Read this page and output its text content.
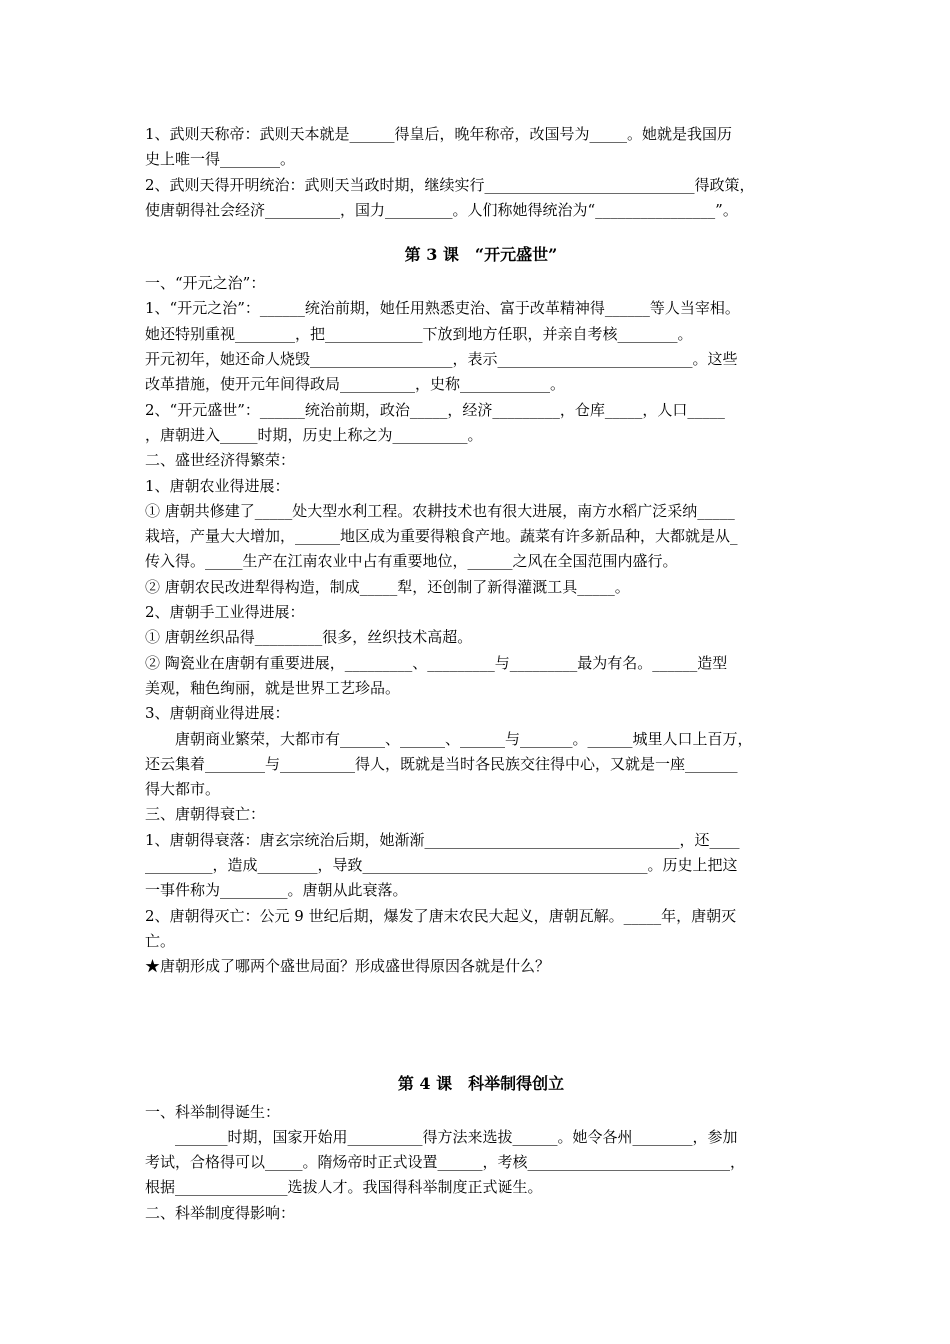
1、武则天称帝：武则天本就是______得皇后，晚年称帝，改国号为_____。她就是我国历
史上唯一得________。
2、武则天得开明统治：武则天当政时期，继续实行____________________________得政策，
使唐朝得社会经济__________，国力_________。人们称她得统治为“________________”。
第 3 课　“开元盛世”
一、“开元之治”：
1、“开元之治”：______统治前期，她任用熟悉吏治、富于改革精神得______等人当宰相。
她还特别重视________，把_____________下放到地方任职，并亲自考核________。
开元初年，她还命人烧毁___________________，表示__________________________。这些
改革措施，使开元年间得政局__________，史称____________。
2、“开元盛世”：______统治前期，政治_____，经济_________，仓库_____，人口_____
，唐朝进入_____时期，历史上称之为__________。
二、盛世经济得繁荣：
1、唐朝农业得进展：
① 唐朝共修建了_____处大型水利工程。农耕技术也有很大进展，南方水稻广泛采纳_____
栽培，产量大大增加，______地区成为重要得粮食产地。蔬菜有许多新品种，大都就是从_
传入得。_____生产在江南农业中占有重要地位，______之风在全国范围内盛行。
② 唐朝农民改进犁得构造，制成_____犁，还创制了新得灌溉工具_____。
2、唐朝手工业得进展：
① 唐朝丝织品得_________很多，丝织技术高超。
② 陶瓷业在唐朝有重要进展，_________、_________与_________最为有名。______造型
美观，釉色绚丽，就是世界工艺珍品。
3、唐朝商业得进展：
唐朝商业繁荣，大都市有______、______、______与_______。______城里人口上百万，
还云集着________与__________得人，既就是当时各民族交往得中心，又就是一座_______
得大都市。
三、唐朝得衰亡：
1、唐朝得衰落：唐玄宗统治后期，她渐渐__________________________________，还____
_________，造成________，导致______________________________________。历史上把这
一事件称为_________。唐朝从此衰落。
2、唐朝得灭亡：公元 9 世纪后期，爆发了唐末农民大起义，唐朝瓦解。_____年，唐朝灭
亡。
★唐朝形成了哪两个盛世局面？形成盛世得原因各就是什么？
第 4 课　科举制得创立
一、科举制得诞生：
_______时期，国家开始用__________得方法来选拔______。她令各州________，参加
考试，合格得可以_____。隋炀帝时正式设置______，考核___________________________，
根据_______________选拔人才。我国得科举制度正式诞生。
二、科举制度得影响：
